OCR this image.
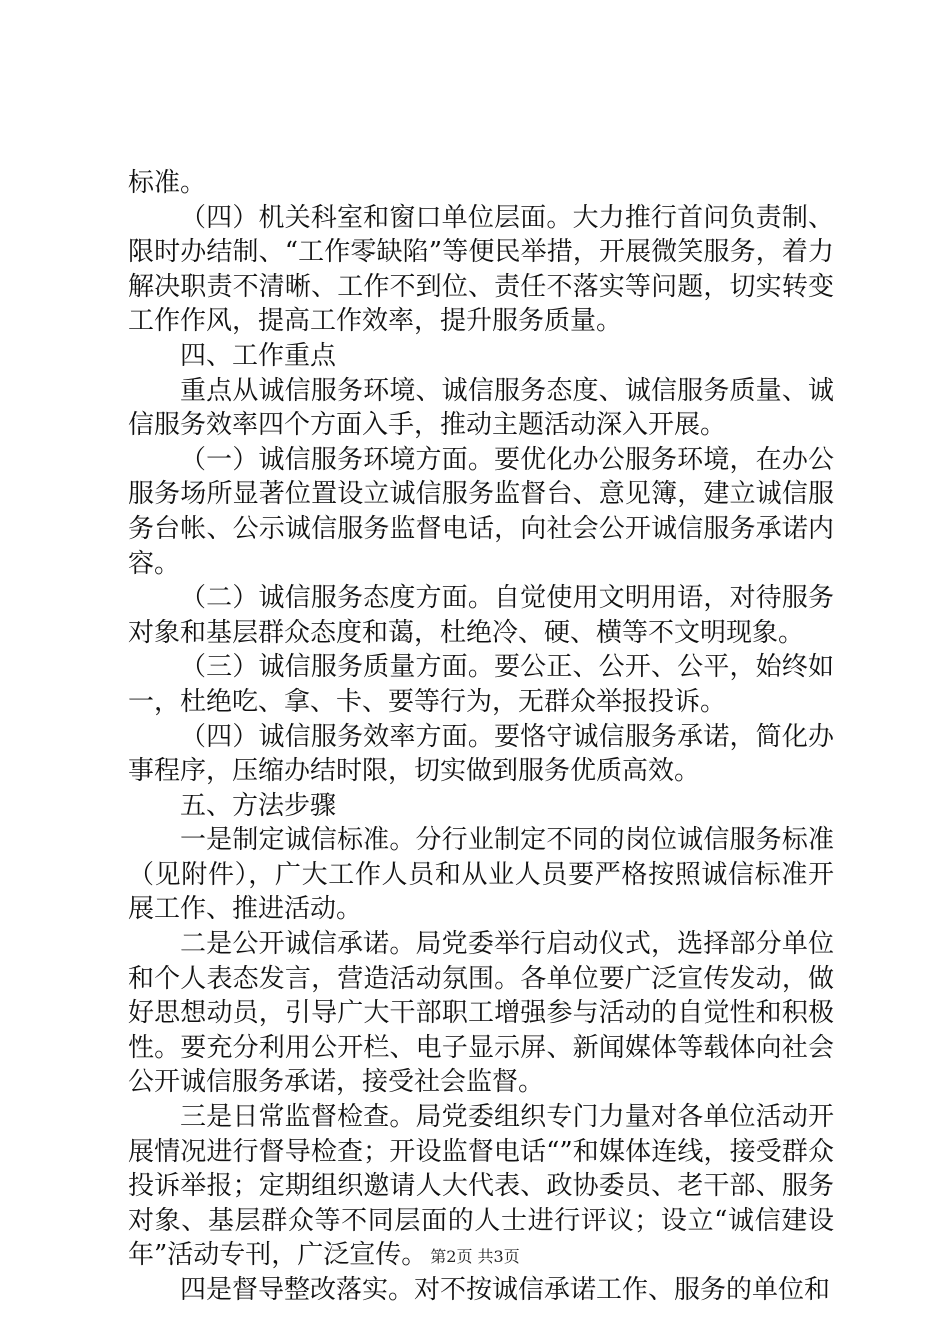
标准。

（四）机关科室和窗口单位层面。大力推行首问负责制、限时办结制、“工作零缺陷”等便民举措，开展微笑服务，着力解决职责不清晰、工作不到位、责任不落实等问题，切实转变工作作风，提高工作效率，提升服务质量。

四、工作重点

重点从诚信服务环境、诚信服务态度、诚信服务质量、诚信服务效率四个方面入手，推动主题活动深入开展。

（一）诚信服务环境方面。要优化办公服务环境，在办公服务场所显著位置设立诚信服务监督台、意见簿，建立诚信服务台帐、公示诚信服务监督电话，向社会公开诚信服务承诺内容。

（二）诚信服务态度方面。自觉使用文明用语，对待服务对象和基层群众态度和蔼，杜绝冷、硬、横等不文明现象。

（三）诚信服务质量方面。要公正、公开、公平，始终如一，杜绝吃、拿、卡、要等行为，无群众举报投诉。

（四）诚信服务效率方面。要恪守诚信服务承诺，简化办事程序，压缩办结时限，切实做到服务优质高效。

五、方法步骤

一是制定诚信标准。分行业制定不同的岗位诚信服务标准（见附件），广大工作人员和从业人员要严格按照诚信标准开展工作、推进活动。

二是公开诚信承诺。局党委举行启动仪式，选择部分单位和个人表态发言，营造活动氛围。各单位要广泛宣传发动，做好思想动员，引导广大干部职工增强参与活动的自觉性和积极性。要充分利用公开栏、电子显示屏、新闻媒体等载体向社会公开诚信服务承诺，接受社会监督。

三是日常监督检查。局党委组织专门力量对各单位活动开展情况进行督导检查；开设监督电话“”和媒体连线，接受群众投诉举报；定期组织邀请人大代表、政协委员、老干部、服务对象、基层群众等不同层面的人士进行评议；设立“诚信建设年”活动专刊，广泛宣传。

四是督导整改落实。对不按诚信承诺工作、服务的单位和

第2页 共3页
